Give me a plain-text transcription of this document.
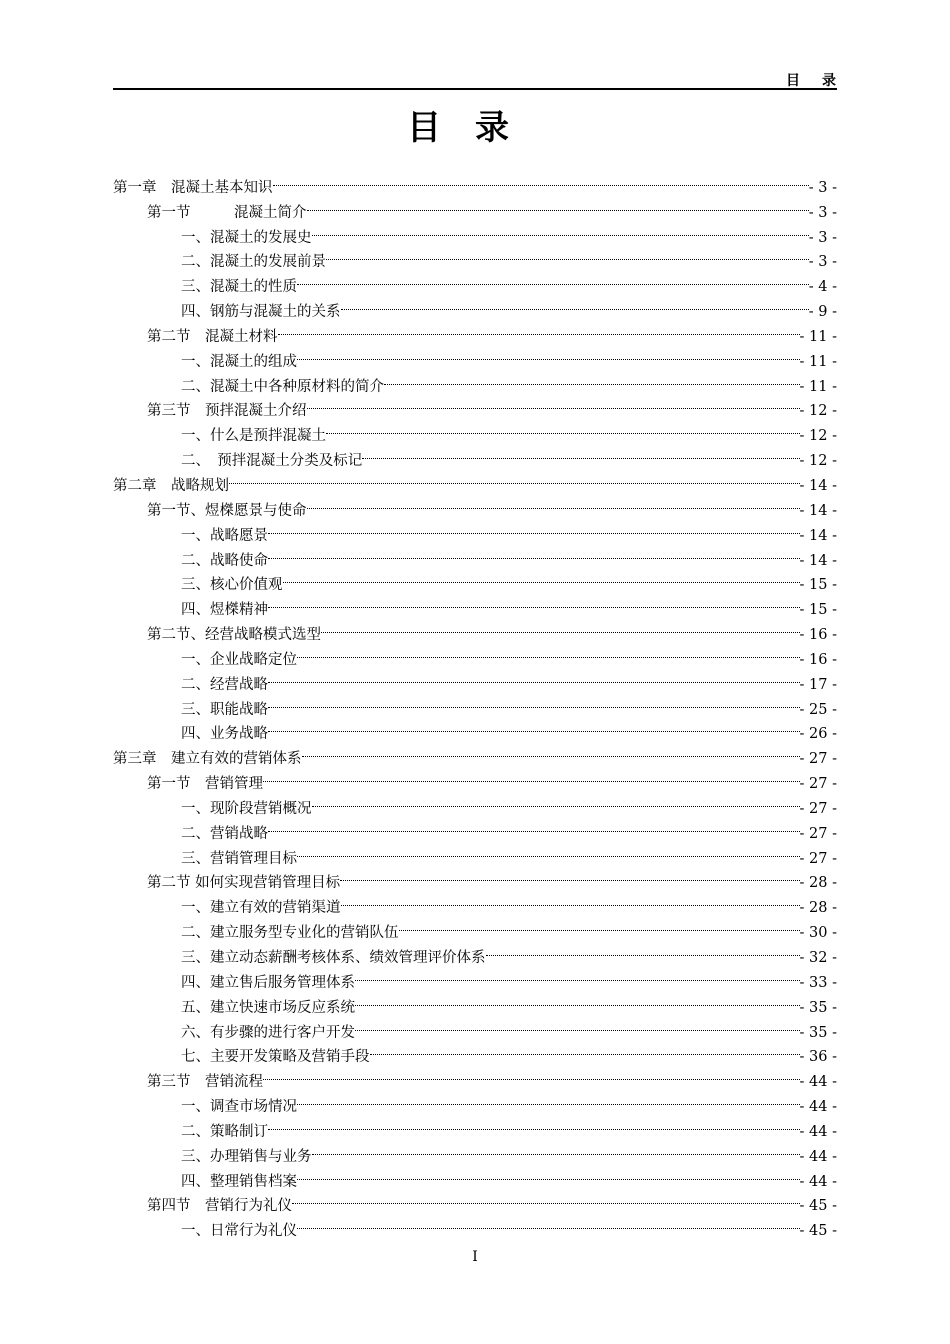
目录
目录
第一章　混凝土基本知识	- 3 -
第一节　　　混凝土简介	- 3 -
一、混凝土的发展史	- 3 -
二、混凝土的发展前景	- 3 -
三、混凝土的性质	- 4 -
四、钢筋与混凝土的关系	- 9 -
第二节　混凝土材料	- 11 -
一、混凝土的组成	- 11 -
二、混凝土中各种原材料的简介	- 11 -
第三节　预拌混凝土介绍	- 12 -
一、什么是预拌混凝土	- 12 -
二、　预拌混凝土分类及标记	- 12 -
第二章　战略规划	- 14 -
第一节、煜榤愿景与使命	- 14 -
一、战略愿景	- 14 -
二、战略使命	- 14 -
三、核心价值观	- 15 -
四、煜榤精神	- 15 -
第二节、经营战略模式选型	- 16 -
一、企业战略定位	- 16 -
二、经营战略	- 17 -
三、职能战略	- 25 -
四、业务战略	- 26 -
第三章　建立有效的营销体系	- 27 -
第一节　营销管理	- 27 -
一、现阶段营销概况	- 27 -
二、营销战略	- 27 -
三、营销管理目标	- 27 -
第二节 如何实现营销管理目标	- 28 -
一、建立有效的营销渠道	- 28 -
二、建立服务型专业化的营销队伍	- 30 -
三、建立动态薪酬考核体系、绩效管理评价体系	- 32 -
四、建立售后服务管理体系	- 33 -
五、建立快速市场反应系统	- 35 -
六、有步骤的进行客户开发	- 35 -
七、主要开发策略及营销手段	- 36 -
第三节　营销流程	- 44 -
一、调查市场情况	- 44 -
二、策略制订	- 44 -
三、办理销售与业务	- 44 -
四、整理销售档案	- 44 -
第四节　营销行为礼仪	- 45 -
一、日常行为礼仪	- 45 -
I
